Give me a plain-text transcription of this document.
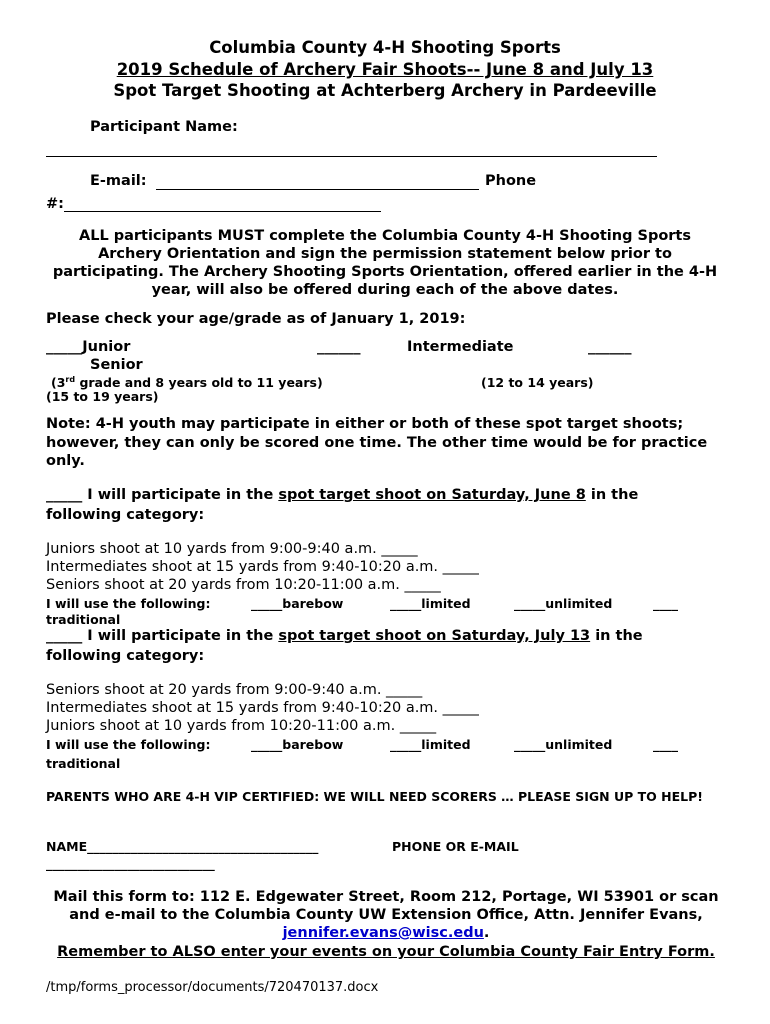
Columbia County 4-H Shooting Sports
2019 Schedule of Archery Fair Shoots-- June 8 and July 13
Spot Target Shooting at Achterberg Archery in Pardeeville
Participant Name:
E-mail:	Phone
#:
ALL participants MUST complete the Columbia County 4-H Shooting Sports Archery Orientation and sign the permission statement below prior to participating. The Archery Shooting Sports Orientation, offered earlier in the 4-H year, will also be offered during each of the above dates.
Please check your age/grade as of January 1, 2019:
_____Junior	______	Intermediate	______
Senior
(3rd grade and 8 years old to 11 years)	(12 to 14 years)
(15 to 19 years)
Note: 4-H youth may participate in either or both of these spot target shoots; however, they can only be scored one time. The other time would be for practice only.
_____ I will participate in the spot target shoot on Saturday, June 8 in the
following category:
Juniors shoot at 10 yards from 9:00-9:40 a.m. _____
Intermediates shoot at 15 yards from 9:40-10:20 a.m. _____
Seniors shoot at 20 yards from 10:20-11:00 a.m. _____
I will use the following:	_____barebow	_____limited	_____unlimited	____
traditional
_____ I will participate in the spot target shoot on Saturday, July 13 in the
following category:
Seniors shoot at 20 yards from 9:00-9:40 a.m. _____
Intermediates shoot at 15 yards from 9:40-10:20 a.m. _____
Juniors shoot at 10 yards from 10:20-11:00 a.m. _____
I will use the following:	_____barebow	_____limited	_____unlimited	____
traditional
PARENTS WHO ARE 4-H VIP CERTIFIED: WE WILL NEED SCORERS … PLEASE SIGN UP TO HELP!
NAME_____________________________________	PHONE OR E-MAIL
___________________________
Mail this form to: 112 E. Edgewater Street, Room 212, Portage, WI 53901 or scan and e-mail to the Columbia County UW Extension Office, Attn. Jennifer Evans, jennifer.evans@wisc.edu.
Remember to ALSO enter your events on your Columbia County Fair Entry Form.
/tmp/forms_processor/documents/720470137.docx
